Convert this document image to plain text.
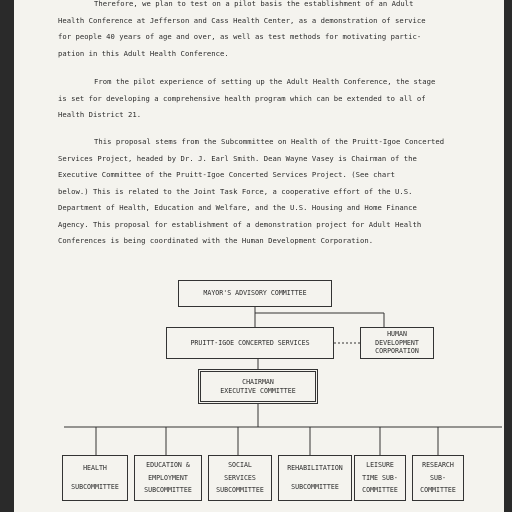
Therefore, we plan to test on a pilot basis the establishment of an Adult
Health Conference at Jefferson and Cass Health Center, as a demonstration of service
for people 40 years of age and over, as well as test methods for motivating partic-
pation in this Adult Health Conference.
From the pilot experience of setting up the Adult Health Conference, the stage
is set for developing a comprehensive health program which can be extended to all of
Health District 21.
This proposal stems from the Subcommittee on Health of the Pruitt-Igoe Concerted
Services Project, headed by Dr. J. Earl Smith. Dean Wayne Vasey is Chairman of the
Executive Committee of the Pruitt-Igoe Concerted Services Project. (See chart
below.) This is related to the Joint Task Force, a cooperative effort of the U.S.
Department of Health, Education and Welfare, and the U.S. Housing and Home Finance
Agency. This proposal for establishment of a demonstration project for Adult Health
Conferences is being coordinated with the Human Development Corporation.
MAYOR'S ADVISORY COMMITTEE
PRUITT-IGOE CONCERTED SERVICES
HUMAN
DEVELOPMENT
CORPORATION
CHAIRMAN
EXECUTIVE COMMITTEE
HEALTH
SUBCOMMITTEE
EDUCATION &
EMPLOYMENT
SUBCOMMITTEE
SOCIAL
SERVICES
SUBCOMMITTEE
REHABILITATION
SUBCOMMITTEE
LEISURE
TIME SUB-
COMMITTEE
RESEARCH
SUB-
COMMITTEE
